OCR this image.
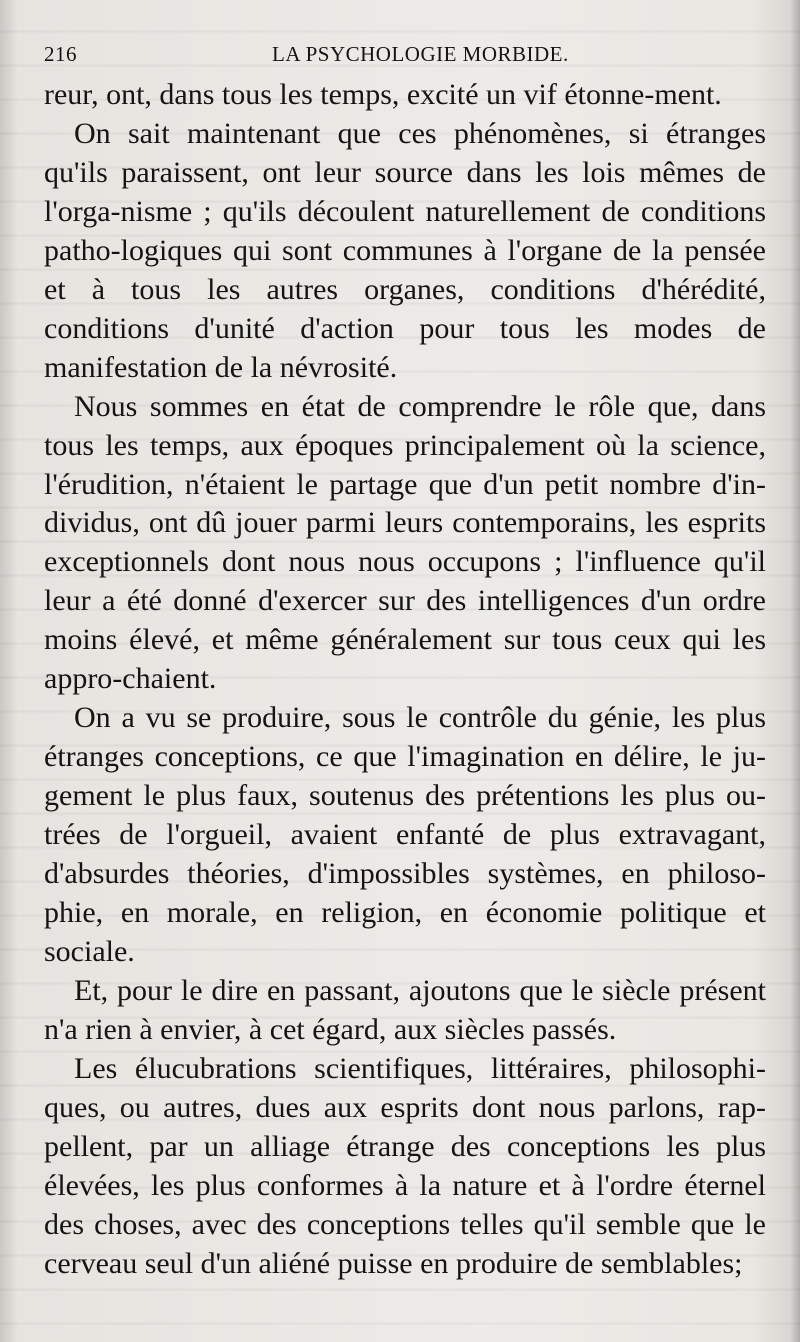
216	LA PSYCHOLOGIE MORBIDE.

reur, ont, dans tous les temps, excité un vif étonne-ment.

On sait maintenant que ces phénomènes, si étranges qu'ils paraissent, ont leur source dans les lois mêmes de l'orga-nisme ; qu'ils découlent naturellement de conditions patho-logiques qui sont communes à l'organe de la pensée et à tous les autres organes, conditions d'hérédité, conditions d'unité d'action pour tous les modes de manifestation de la névrosité.

Nous sommes en état de comprendre le rôle que, dans tous les temps, aux époques principalement où la science, l'érudition, n'étaient le partage que d'un petit nombre d'in-dividus, ont dû jouer parmi leurs contemporains, les esprits exceptionnels dont nous nous occupons ; l'influence qu'il leur a été donné d'exercer sur des intelligences d'un ordre moins élevé, et même généralement sur tous ceux qui les appro-chaient.

On a vu se produire, sous le contrôle du génie, les plus étranges conceptions, ce que l'imagination en délire, le ju-gement le plus faux, soutenus des prétentions les plus ou-trées de l'orgueil, avaient enfanté de plus extravagant, d'absurdes théories, d'impossibles systèmes, en philoso-phie, en morale, en religion, en économie politique et sociale.

Et, pour le dire en passant, ajoutons que le siècle présent n'a rien à envier, à cet égard, aux siècles passés.

Les élucubrations scientifiques, littéraires, philosophi-ques, ou autres, dues aux esprits dont nous parlons, rap-pellent, par un alliage étrange des conceptions les plus élevées, les plus conformes à la nature et à l'ordre éternel des choses, avec des conceptions telles qu'il semble que le cerveau seul d'un aliéné puisse en produire de semblables;
